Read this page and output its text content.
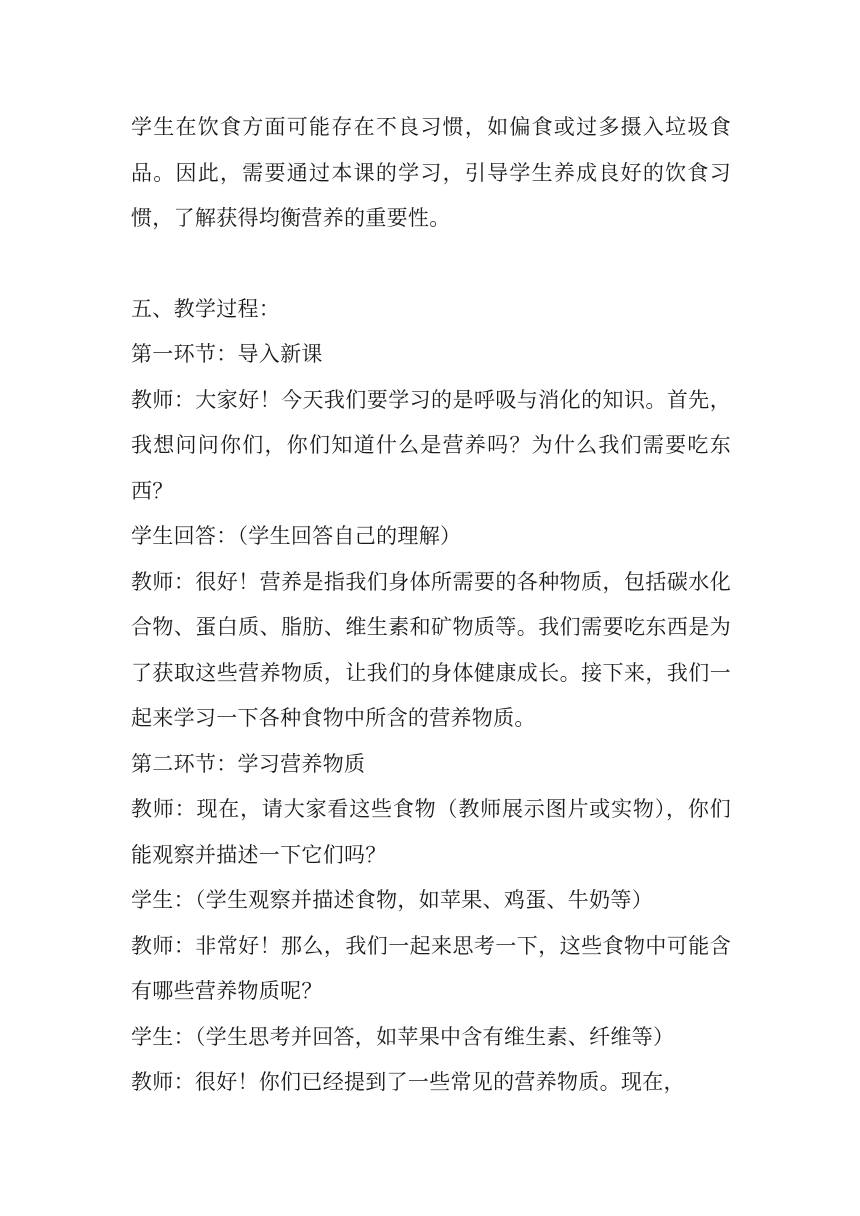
学生在饮食方面可能存在不良习惯，如偏食或过多摄入垃圾食品。因此，需要通过本课的学习，引导学生养成良好的饮食习惯，了解获得均衡营养的重要性。

五、教学过程：

第一环节：导入新课

教师：大家好！今天我们要学习的是呼吸与消化的知识。首先，我想问问你们，你们知道什么是营养吗？为什么我们需要吃东西？

学生回答：（学生回答自己的理解）

教师：很好！营养是指我们身体所需要的各种物质，包括碳水化合物、蛋白质、脂肪、维生素和矿物质等。我们需要吃东西是为了获取这些营养物质，让我们的身体健康成长。接下来，我们一起来学习一下各种食物中所含的营养物质。

第二环节：学习营养物质

教师：现在，请大家看这些食物（教师展示图片或实物），你们能观察并描述一下它们吗？

学生：（学生观察并描述食物，如苹果、鸡蛋、牛奶等）

教师：非常好！那么，我们一起来思考一下，这些食物中可能含有哪些营养物质呢？

学生：（学生思考并回答，如苹果中含有维生素、纤维等）

教师：很好！你们已经提到了一些常见的营养物质。现在，
